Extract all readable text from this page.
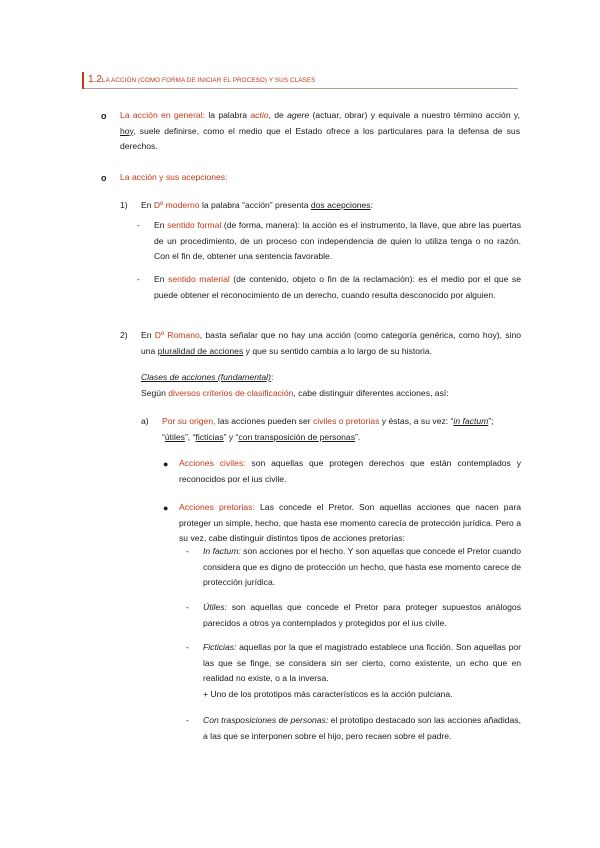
1.2 LA ACCIÓN (COMO FORMA DE INICIAR EL PROCESO) Y SUS CLASES
o La acción en general: la palabra actio, de agere (actuar, obrar) y equivale a nuestro término acción y, hoy, suele definirse, como el medio que el Estado ofrece a los particulares para la defensa de sus derechos.
o La acción y sus acepciones:
1) En Dº moderno la palabra “acción” presenta dos acepciones:
- En sentido formal (de forma, manera): la acción es el instrumento, la llave, que abre las puertas de un procedimiento, de un proceso con independencia de quien lo utiliza tenga o no razón. Con el fin de, obtener una sentencia favorable.
- En sentido material (de contenido, objeto o fin de la reclamación): es el medio por el que se puede obtener el reconocimiento de un derecho, cuando resulta desconocido por alguien.
2) En Dº Romano, basta señalar que no hay una acción (como categoría genérica, como hoy), sino una pluralidad de acciones y que su sentido cambia a lo largo de su historia.
Clases de acciones (fundamental):
Según diversos criterios de clasificación, cabe distinguir diferentes acciones, así:
a) Por su origen, las acciones pueden ser civiles o pretorias y éstas, a su vez: “in factum”; “útiles”, “ficticias” y “con transposición de personas”.
● Acciones civiles: son aquellas que protegen derechos que están contemplados y reconocidos por el ius civile.
● Acciones pretorias: Las concede el Pretor. Son aquellas acciones que nacen para proteger un simple, hecho, que hasta ese momento carecía de protección jurídica. Pero a su vez, cabe distinguir distintos tipos de acciones pretorias:
- In factum: son acciones por el hecho. Y son aquellas que concede el Pretor cuando considera que es digno de protección un hecho, que hasta ese momento carece de protección jurídica.
- Útiles: son aquellas que concede el Pretor para proteger supuestos análogos parecidos a otros ya contemplados y protegidos por el ius civile.
- Ficticias: aquellas por la que el magistrado establece una ficción. Son aquellas por las que se finge, se considera sin ser cierto, como existente, un echo que en realidad no existe, o a la inversa.
+ Uno de los prototipos más característicos es la acción pulciana.
- Con trasposiciones de personas: el prototipo destacado son las acciones añadidas, a las que se interponen sobre el hijo, pero recaen sobre el padre.
